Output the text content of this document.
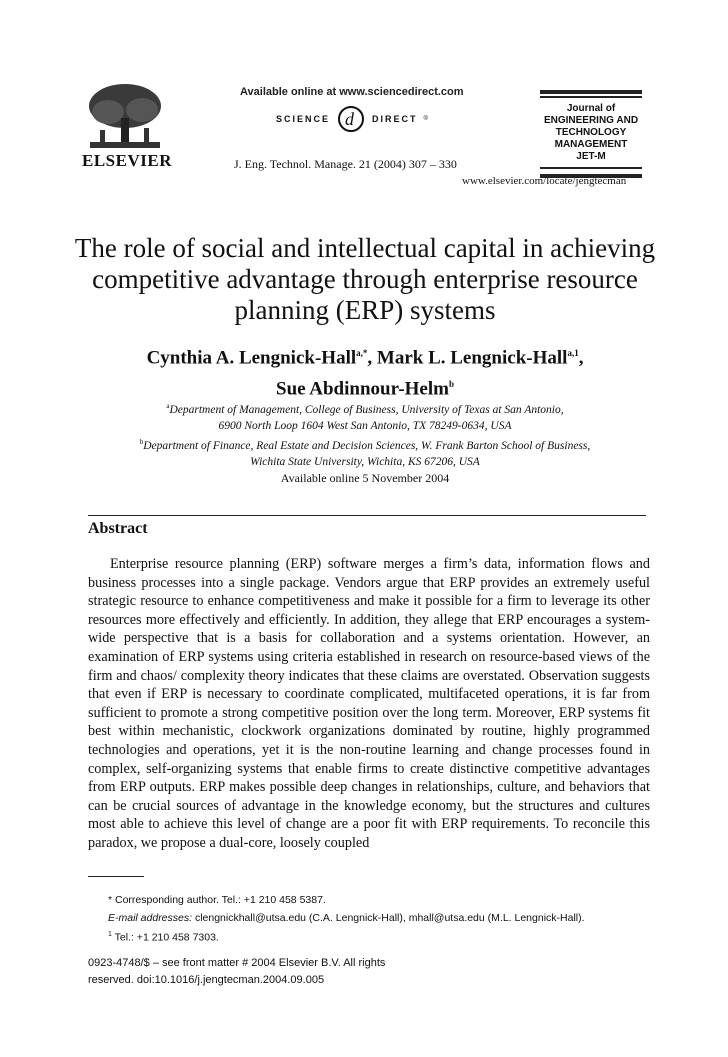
ELSEVIER
Available online at www.sciencedirect.com
SCIENCE d DIRECT ®
J. Eng. Technol. Manage. 21 (2004) 307 – 330
Journal of
ENGINEERING AND
TECHNOLOGY
MANAGEMENT
JET-M
www.elsevier.com/locate/jengtecman
The role of social and intellectual capital in achieving competitive advantage through enterprise resource planning (ERP) systems
Cynthia A. Lengnick-Hall$^{a,*}$, Mark L. Lengnick-Hall$^{a,1}$,
Sue Abdinnour-Helm$^b$
$^a$Department of Management, College of Business, University of Texas at San Antonio,
6900 North Loop 1604 West San Antonio, TX 78249-0634, USA
$^b$Department of Finance, Real Estate and Decision Sciences, W. Frank Barton School of Business,
Wichita State University, Wichita, KS 67206, USA
Available online 5 November 2004
Abstract

Enterprise resource planning (ERP) software merges a firm’s data, information flows and business processes into a single package. Vendors argue that ERP provides an extremely useful strategic resource to enhance competitiveness and make it possible for a firm to leverage its other resources more effectively and efficiently. In addition, they allege that ERP encourages a system-wide perspective that is a basis for collaboration and a systems orientation. However, an examination of ERP systems using criteria established in research on resource-based views of the firm and chaos/ complexity theory indicates that these claims are overstated. Observation suggests that even if ERP is necessary to coordinate complicated, multifaceted operations, it is far from sufficient to promote a strong competitive position over the long term. Moreover, ERP systems fit best within mechanistic, clockwork organizations dominated by routine, highly programmed technologies and operations, yet it is the non-routine learning and change processes found in complex, self-organizing systems that enable firms to create distinctive competitive advantages from ERP outputs. ERP makes possible deep changes in relationships, culture, and behaviors that can be crucial sources of advantage in the knowledge economy, but the structures and cultures most able to achieve this level of change are a poor fit with ERP requirements. To reconcile this paradox, we propose a dual-core, loosely coupled

* Corresponding author. Tel.: +1 210 458 5387.
E-mail addresses: clengnickhall@utsa.edu (C.A. Lengnick-Hall), mhall@utsa.edu (M.L. Lengnick-Hall).
$^1$ Tel.: +1 210 458 7303.
0923-4748/$ – see front matter # 2004 Elsevier B.V. All rights
reserved. doi:10.1016/j.jengtecman.2004.09.005
